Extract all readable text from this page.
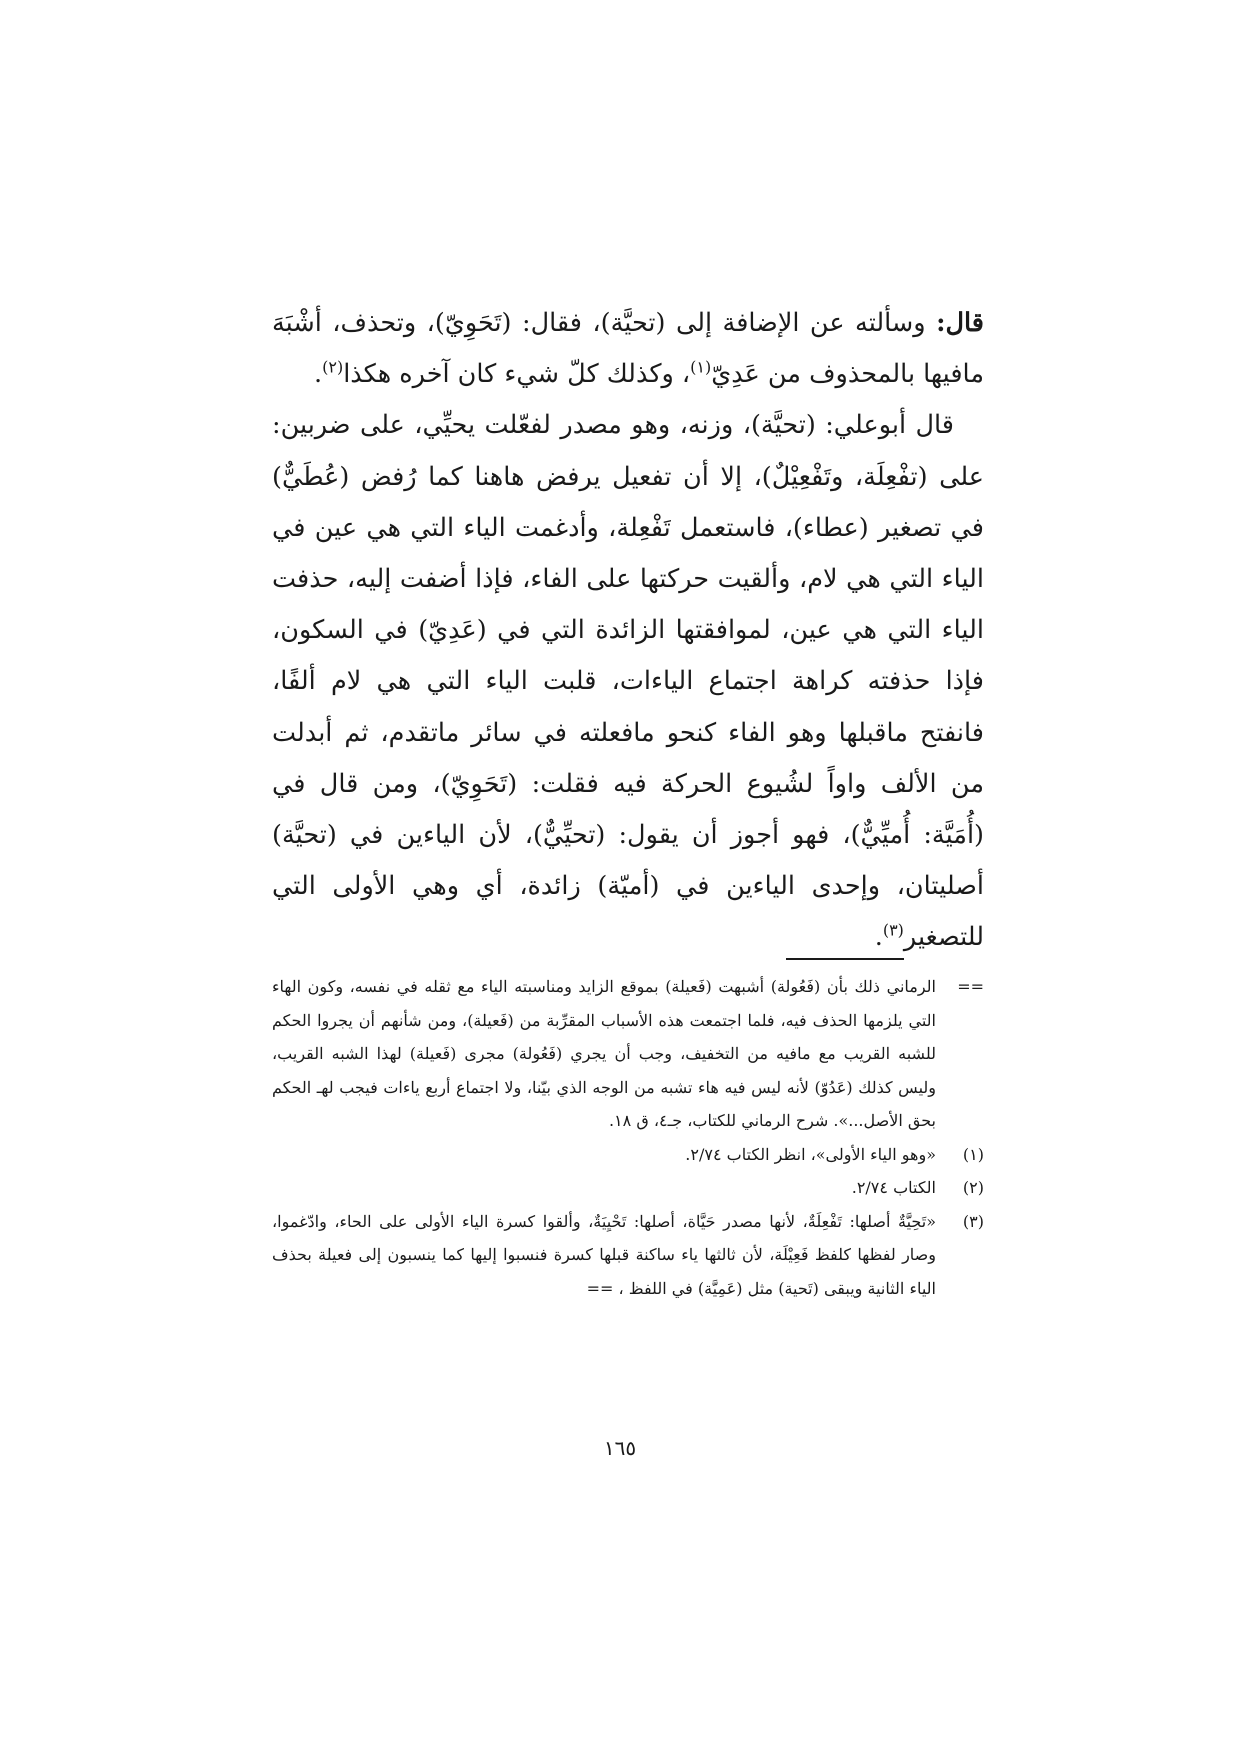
قال: وسألته عن الإضافة إلى (تحيَّة)، فقال: (تَحَوِيّ)، وتحذف، أشْبَهَ مافيها بالمحذوف من عَدِيّ$^{(١)}$، وكذلك كلّ شيء كان آخره هكذا$^{(٢)}$.

قال أبوعلي: (تحيَّة)، وزنه، وهو مصدر لفعّلت يحيِّي، على ضربين: على (تفْعِلَة، وتَفْعِيْلٌ)، إلا أن تفعيل يرفض هاهنا كما رُفض (عُطَيٌّ) في تصغير (عطاء)، فاستعمل تَفْعِلة، وأدغمت الياء التي هي عين في الياء التي هي لام، وألقيت حركتها على الفاء، فإذا أضفت إليه، حذفت الياء التي هي عين، لموافقتها الزائدة التي في (عَدِيّ) في السكون، فإذا حذفته كراهة اجتماع الياءات، قلبت الياء التي هي لام ألفًا، فانفتح ماقبلها وهو الفاء كنحو مافعلته في سائر ماتقدم، ثم أبدلت من الألف واواً لشُيوع الحركة فيه فقلت: (تَحَوِيّ)، ومن قال في (أُمَيَّة: أُميِّيٌّ)، فهو أجوز أن يقول: (تحيِّيٌّ)، لأن الياءين في (تحيَّة) أصليتان، وإحدى الياءين في (أميّة) زائدة، أي وهي الأولى التي للتصغير$^{(٣)}$.

==
الرماني ذلك بأن (فَعُولة) أشبهت (فَعيلة) بموقع الزايد ومناسبته الياء مع ثقله في نفسه، وكون الهاء التي يلزمها الحذف فيه، فلما اجتمعت هذه الأسباب المقرِّبة من (فَعيلة)، ومن شأنهم أن يجروا الحكم للشبه القريب مع مافيه من التخفيف، وجب أن يجري (فَعُولة) مجرى (فَعيلة) لهذا الشبه القريب، وليس كذلك (عَدُوّ) لأنه ليس فيه هاء تشبه من الوجه الذي بيّنا، ولا اجتماع أربع ياءات فيجب لهـ الحكم بحق الأصل...». شرح الرماني للكتاب، جـ٤، ق ١٨.
(١)
«وهو الياء الأولى»، انظر الكتاب ٢/٧٤.
(٢)
الكتاب ٢/٧٤.
(٣)
«تَحِيَّةٌ أصلها: تَفْعِلَةٌ، لأنها مصدر حَيَّاة، أصلها: تَحْيِيَةٌ، وألقوا كسرة الياء الأولى على الحاء، وادّغموا، وصار لفظها كلفظ فَعِيْلَة، لأن ثالثها ياء ساكنة قبلها كسرة فنسبوا إليها كما ينسبون إلى فعيلة بحذف الياء الثانية ويبقى (تَحية) مثل (عَمِيَّة) في اللفظ ، ==
١٦٥
